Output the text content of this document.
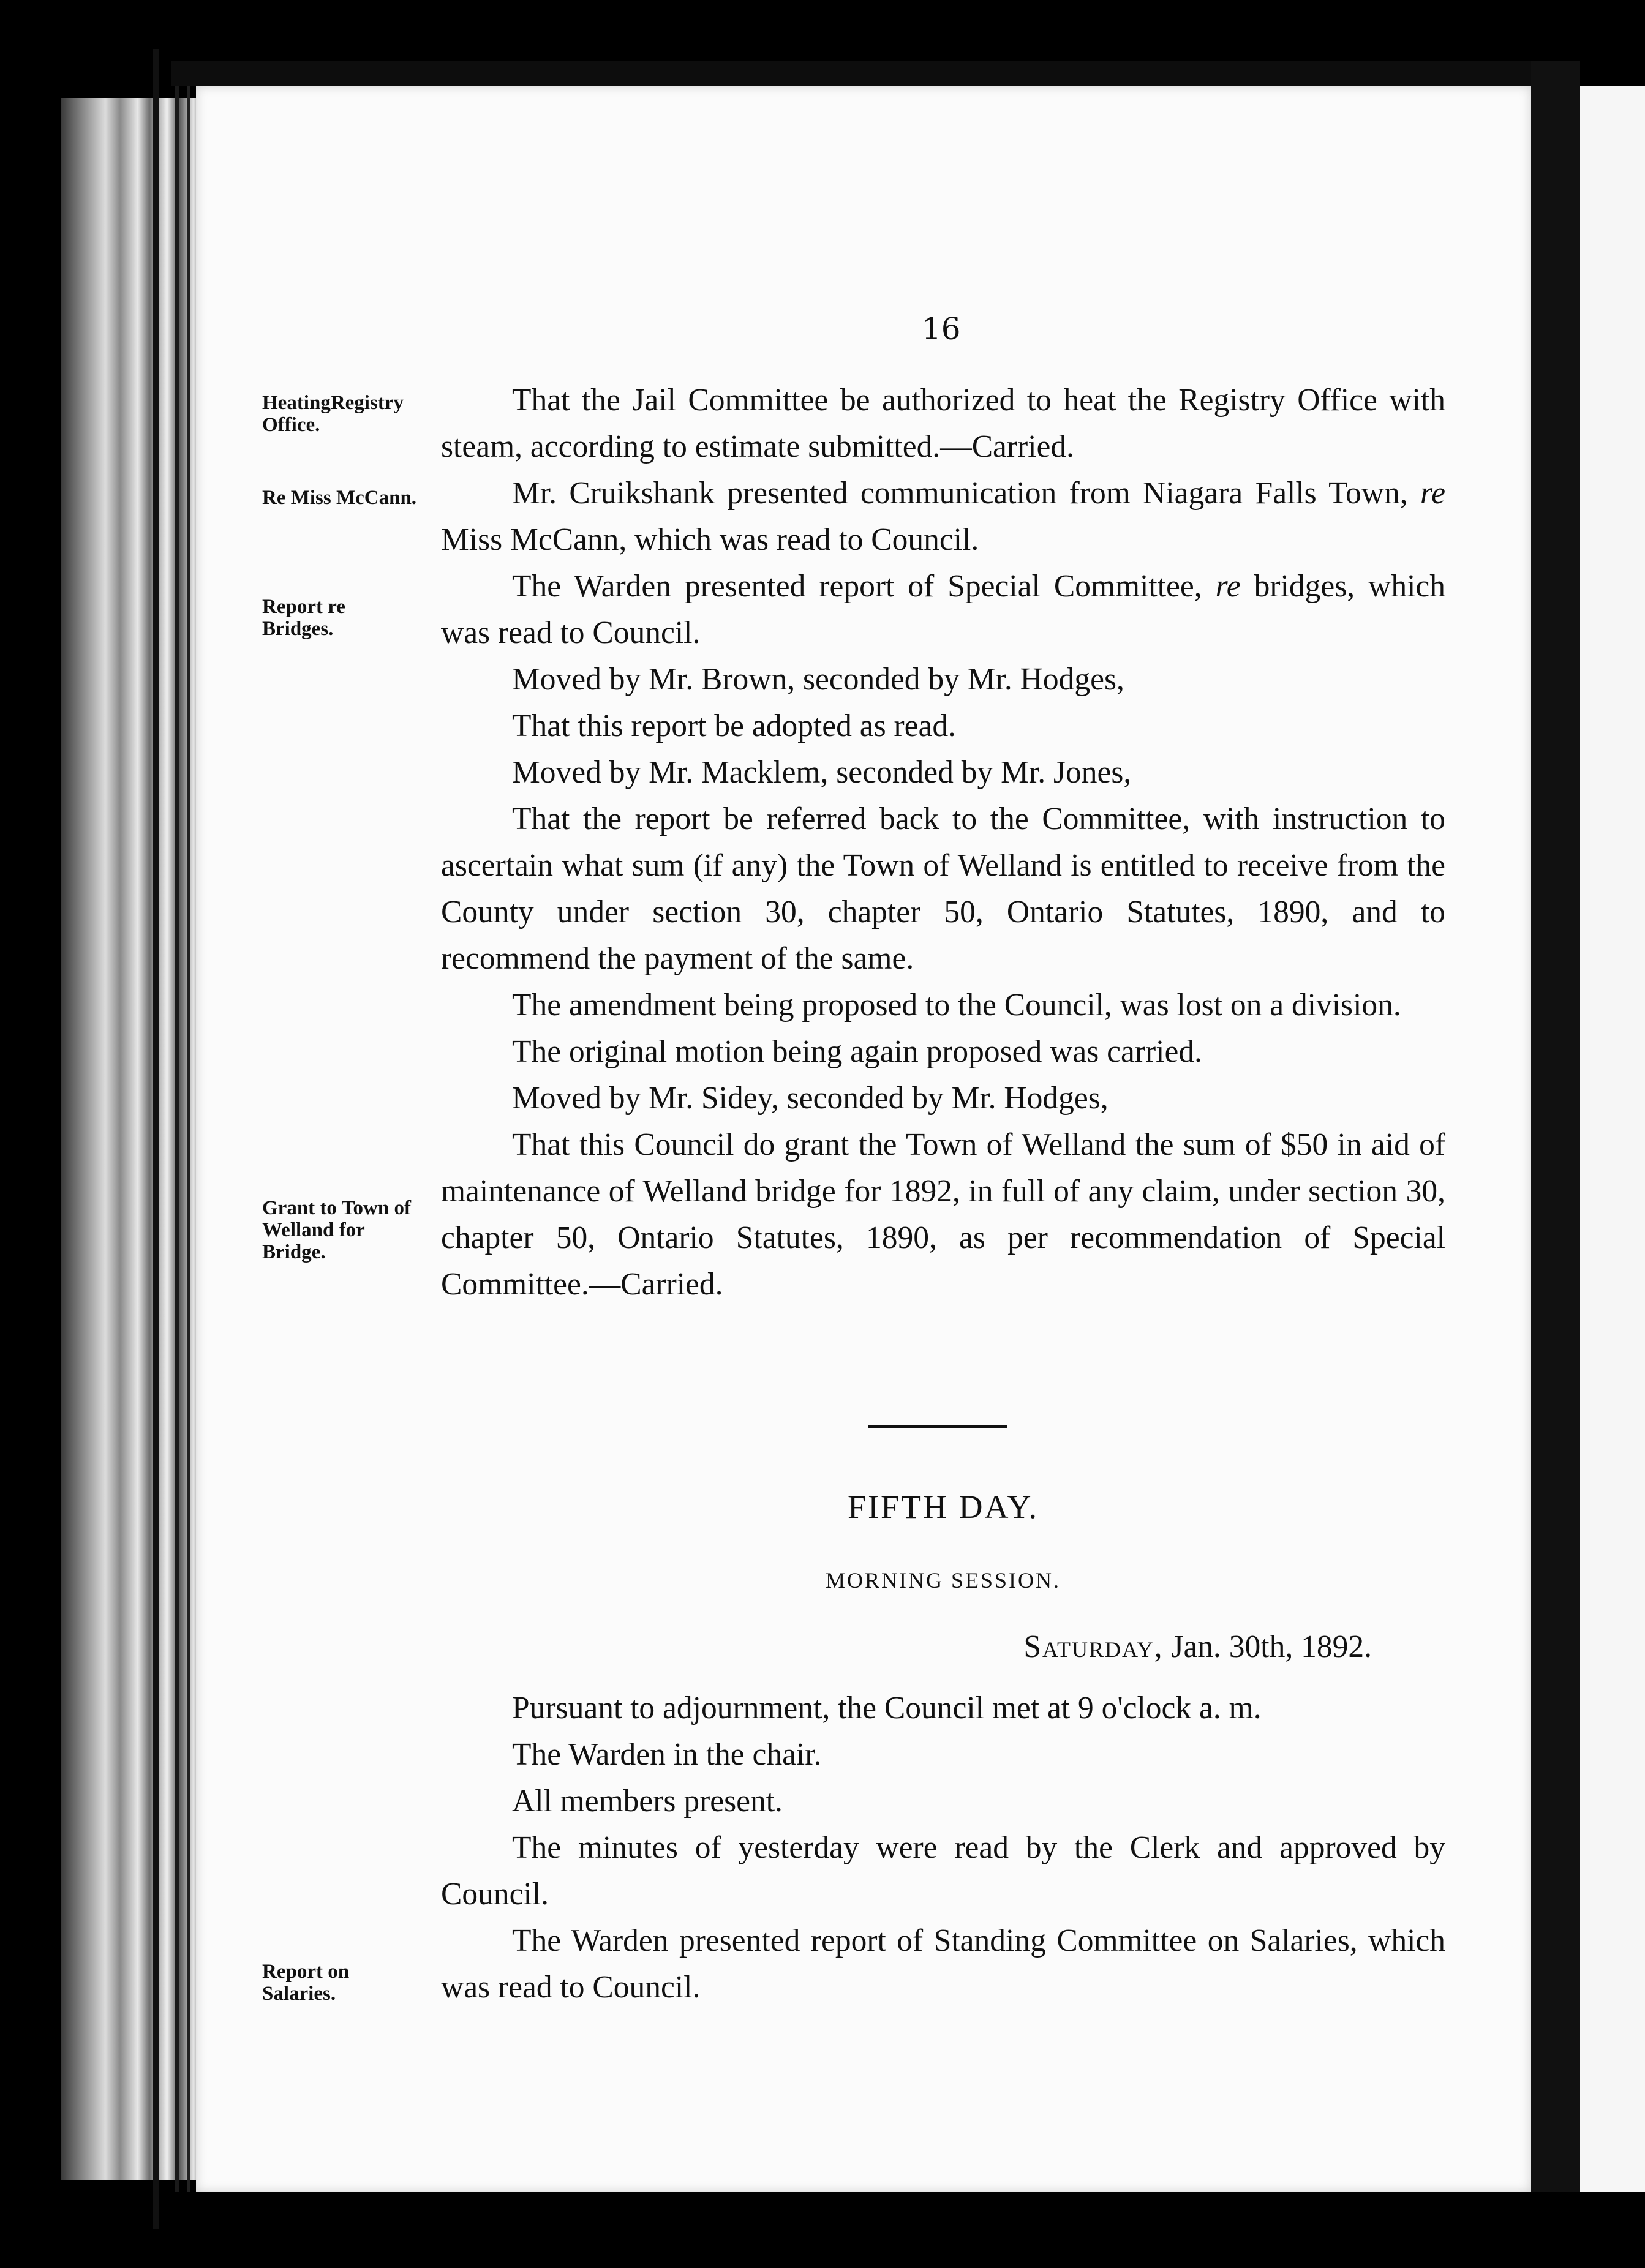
16
HeatingRegistry
Office.
Re Miss McCann.
Report re
Bridges.
Grant to Town of
Welland for
Bridge.
Report on
Salaries.

That the Jail Committee be authorized to heat the Registry Office with steam, according to estimate submitted.—Carried.

Mr. Cruikshank presented communication from Niagara Falls Town, re Miss McCann, which was read to Council.

The Warden presented report of Special Committee, re bridges, which was read to Council.

Moved by Mr. Brown, seconded by Mr. Hodges,

That this report be adopted as read.

Moved by Mr. Macklem, seconded by Mr. Jones,

That the report be referred back to the Committee, with instruction to ascertain what sum (if any) the Town of Welland is entitled to receive from the County under section 30, chapter 50, Ontario Statutes, 1890, and to recommend the payment of the same.

The amendment being proposed to the Council, was lost on a division.

The original motion being again proposed was carried.

Moved by Mr. Sidey, seconded by Mr. Hodges,

That this Council do grant the Town of Welland the sum of $50 in aid of maintenance of Welland bridge for 1892, in full of any claim, under section 30, chapter 50, Ontario Statutes, 1890, as per recommendation of Special Committee.—Carried.

FIFTH DAY.
MORNING SESSION.
Saturday, Jan. 30th, 1892.

Pursuant to adjournment, the Council met at 9 o'clock a. m.

The Warden in the chair.

All members present.

The minutes of yesterday were read by the Clerk and approved by Council.

The Warden presented report of Standing Committee on Salaries, which was read to Council.
